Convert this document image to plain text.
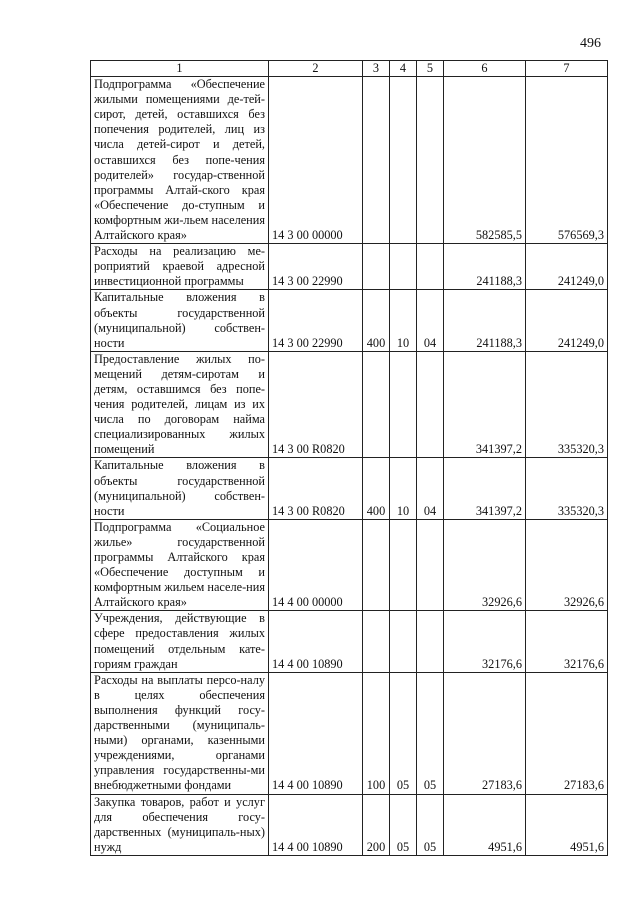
496
1	2	3	4	5	6	7
Подпрограмма «Обеспечение жилыми помещениями де-тей-сирот, детей, оставшихся без попечения родителей, лиц из числа детей-сирот и детей, оставшихся без попе-чения родителей» государ-ственной программы Алтай-ского края «Обеспечение до-ступным и комфортным жи-льем населения Алтайского края»	14 3 00 00000				582585,5	576569,3
Расходы на реализацию ме-роприятий краевой адресной инвестиционной программы	14 3 00 22990				241188,3	241249,0
Капитальные вложения в объекты государственной (муниципальной) собствен-ности	14 3 00 22990	400	10	04	241188,3	241249,0
Предоставление жилых по-мещений детям-сиротам и детям, оставшимся без попе-чения родителей, лицам из их числа по договорам найма специализированных жилых помещений	14 3 00 R0820				341397,2	335320,3
Капитальные вложения в объекты государственной (муниципальной) собствен-ности	14 3 00 R0820	400	10	04	341397,2	335320,3
Подпрограмма «Социальное жилье» государственной программы Алтайского края «Обеспечение доступным и комфортным жильем населе-ния Алтайского края»	14 4 00 00000				32926,6	32926,6
Учреждения, действующие в сфере предоставления жилых помещений отдельным кате-гориям граждан	14 4 00 10890				32176,6	32176,6
Расходы на выплаты персо-налу в целях обеспечения выполнения функций госу-дарственными (муниципаль-ными) органами, казенными учреждениями, органами управления государственны-ми внебюджетными фондами	14 4 00 10890	100	05	05	27183,6	27183,6
Закупка товаров, работ и услуг для обеспечения госу-дарственных (муниципаль-ных) нужд	14 4 00 10890	200	05	05	4951,6	4951,6
